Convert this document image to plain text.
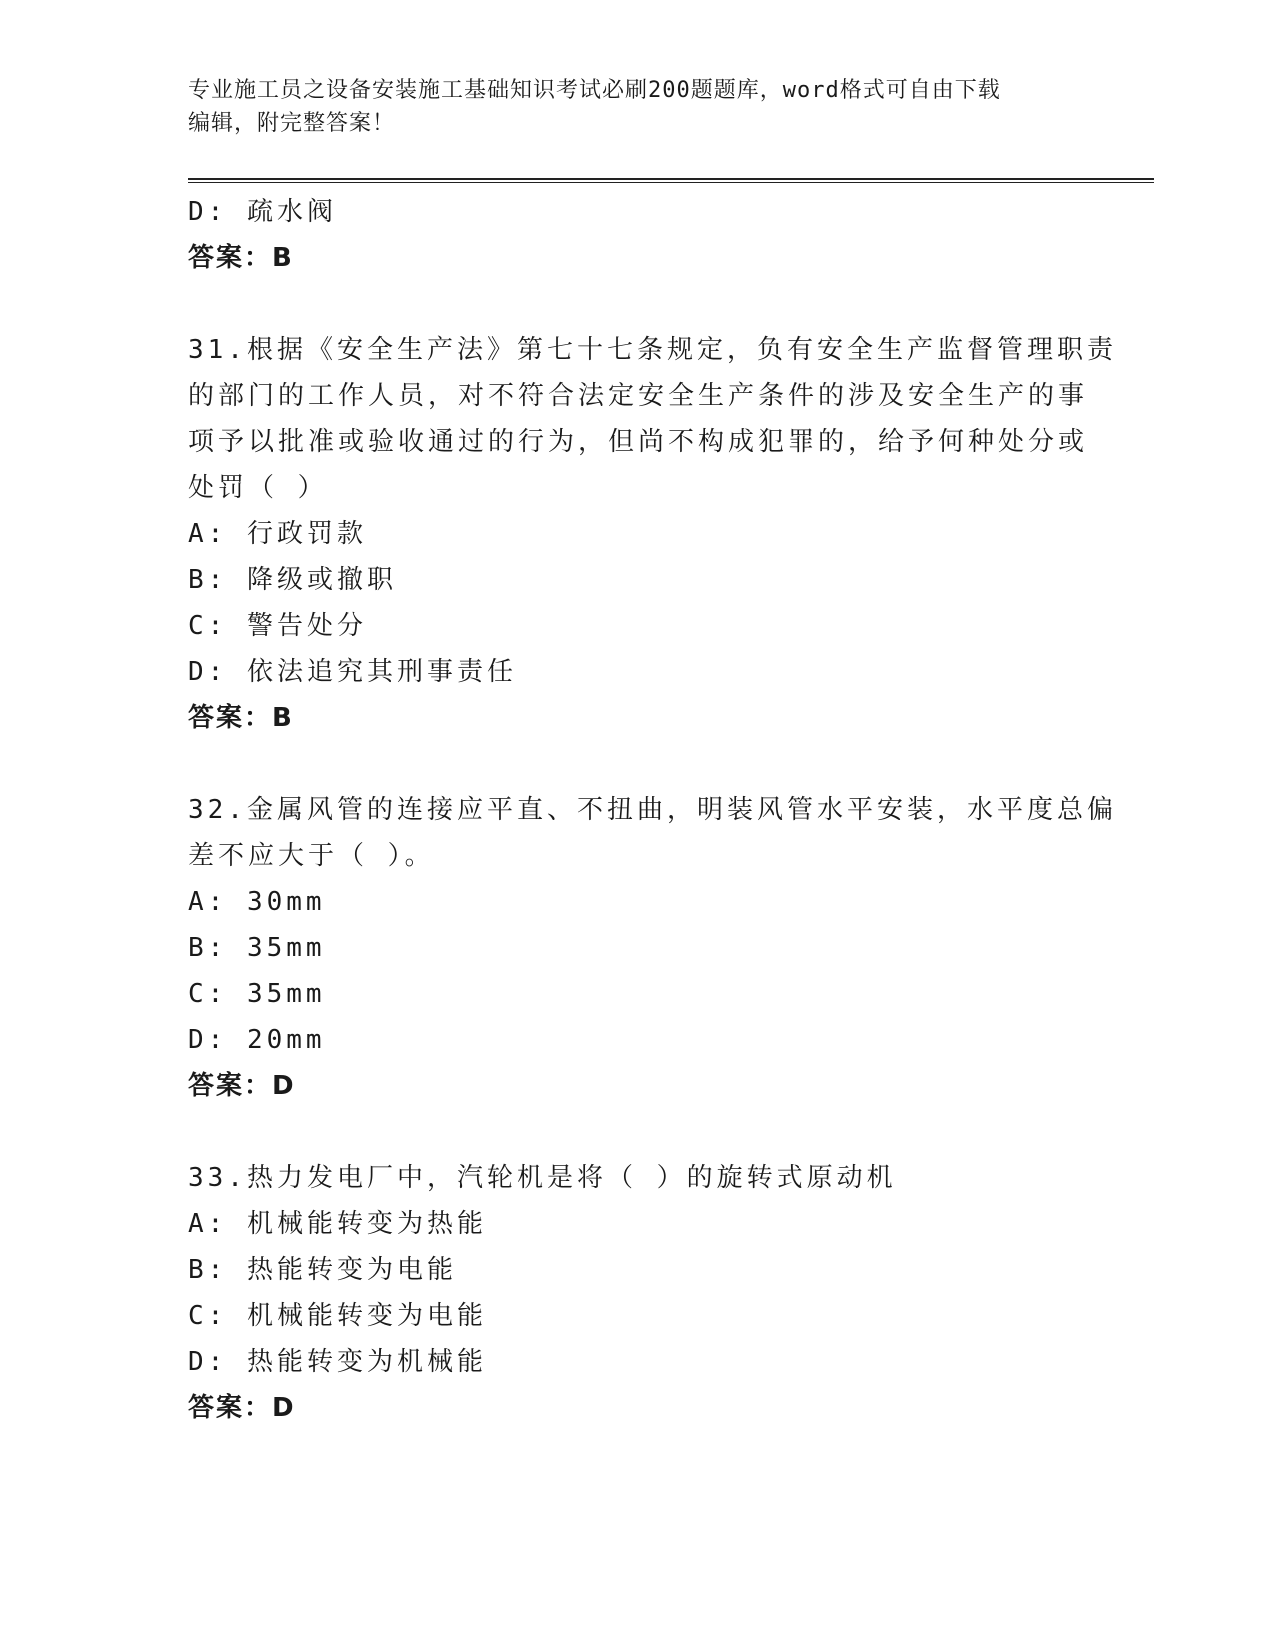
专业施工员之设备安装施工基础知识考试必刷200题题库，word格式可自由下载
编辑，附完整答案！
D: 疏水阀
答案：B
31.根据《安全生产法》第七十七条规定，负有安全生产监督管理职责
的部门的工作人员，对不符合法定安全生产条件的涉及安全生产的事
项予以批准或验收通过的行为，但尚不构成犯罪的，给予何种处分或
处罚（ ）
A: 行政罚款
B: 降级或撤职
C: 警告处分
D: 依法追究其刑事责任
答案：B
32.金属风管的连接应平直、不扭曲，明装风管水平安装，水平度总偏
差不应大于（ ）。
A: 30mm
B: 35mm
C: 35mm
D: 20mm
答案：D
33.热力发电厂中，汽轮机是将（ ）的旋转式原动机
A: 机械能转变为热能
B: 热能转变为电能
C: 机械能转变为电能
D: 热能转变为机械能
答案：D
